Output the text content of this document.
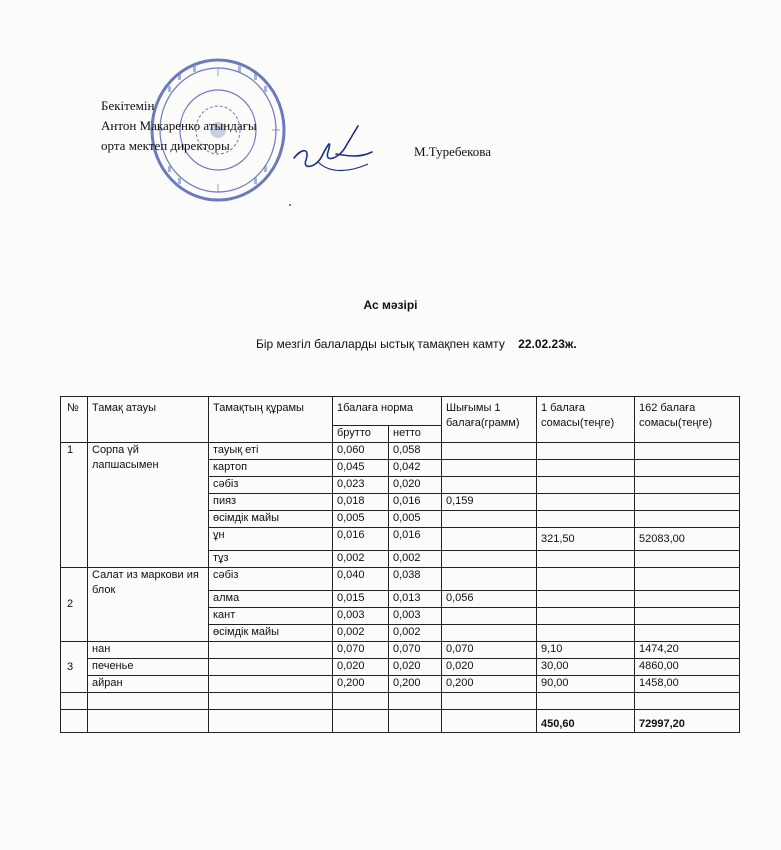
Бекітемін
Антон Макаренко атындағы
орта мектеп директоры	М.Туребекова
Ас мәзірі
Бір мезгіл балаларды ыстық тамақпен камту 22.02.23ж.
№	Тамақ атауы	Тамақтың құрамы	1балаға норма		Шығымы 1 балаға(грамм)	1 балаға сомасы(теңге)	162 балаға сомасы(теңге)
			брутто	нетто			
1	Сорпа үй лапшасымен	тауық еті	0,060	0,058			
		картоп	0,045	0,042			
		сәбіз	0,023	0,020			
		пияз	0,018	0,016	0,159		
		өсімдік майы	0,005	0,005			
		ұн	0,016	0,016		321,50	52083,00
		тұз	0,002	0,002			
2	Салат из маркови ия блок	сәбіз	0,040	0,038			
		алма	0,015	0,013	0,056		
		кант	0,003	0,003			
		өсімдік майы	0,002	0,002			
3	нан		0,070	0,070	0,070	9,10	1474,20
	печенье		0,020	0,020	0,020	30,00	4860,00
	айран		0,200	0,200	0,200	90,00	1458,00

						450,60	72997,20
